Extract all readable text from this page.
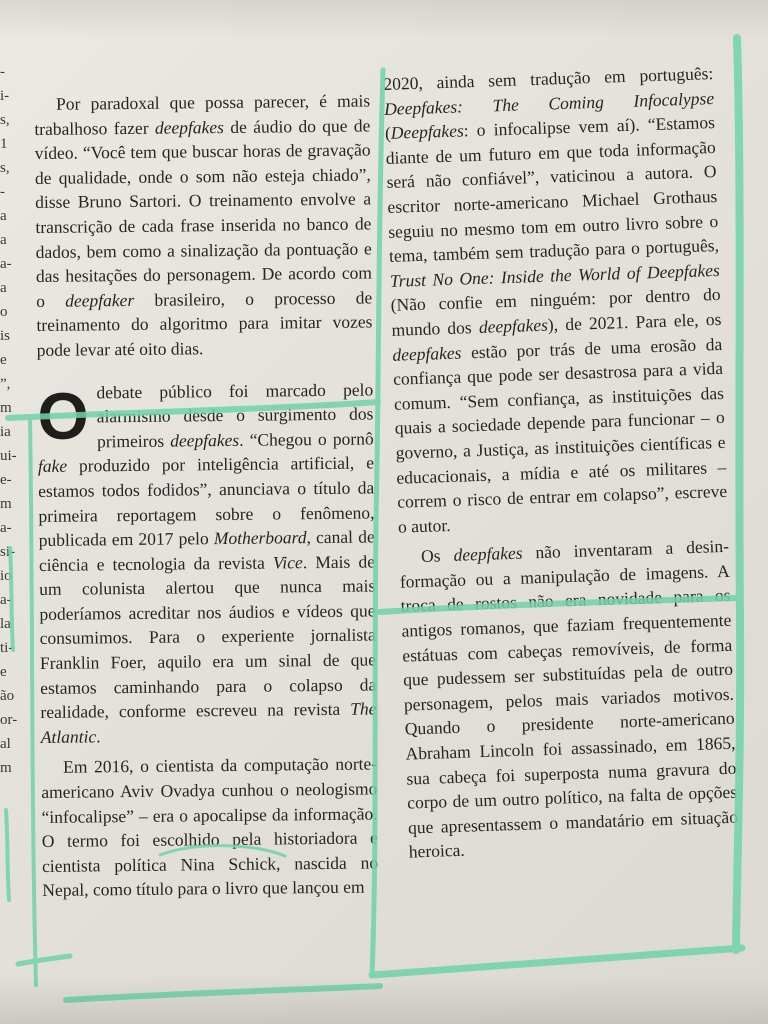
-
i-
s,
1
s,
-
a
a
a-
a
o
is
e
”,
m
ia
ui-
e-
m
a-
si-
io
a-
la
ti-
e
ão
or-
al
m

Por paradoxal que possa parecer, é mais trabalhoso fazer deepfakes de áudio do que de vídeo. “Você tem que buscar horas de gravação de qualidade, onde o som não esteja chiado”, disse Bruno Sartori. O treinamento envolve a transcrição de cada frase inserida no banco de dados, bem como a sinalização da pontuação e das hesitações do personagem. De acordo com o deepfaker brasileiro, o processo de treinamento do algoritmo para imitar vozes pode levar até oito dias.

O debate público foi marcado pelo alarmismo desde o surgimento dos primeiros deepfakes. “Chegou o pornô fake produzido por inteligência artificial, e estamos todos fodidos”, anunciava o título da primeira reportagem sobre o fenômeno, publicada em 2017 pelo Motherboard, canal de ciência e tecnologia da revista Vice. Mais de um colunista alertou que nunca mais poderíamos acreditar nos áudios e vídeos que consumimos. Para o experiente jornalista Franklin Foer, aquilo era um sinal de que estamos caminhando para o colapso da realidade, conforme escreveu na revista The Atlantic.

Em 2016, o cientista da computação norte-americano Aviv Ovadya cunhou o neologismo “infocalipse” – era o apocalipse da informação. O termo foi escolhido pela historiadora e cientista política Nina Schick, nascida no Nepal, como título para o livro que lançou em

2020, ainda sem tradução em português: Deepfakes: The Coming Infocalypse (Deepfakes: o infocalipse vem aí). “Estamos diante de um futuro em que toda informação será não confiável”, vaticinou a autora. O escritor norte-americano Michael Grothaus seguiu no mesmo tom em outro livro sobre o tema, também sem tradução para o português, Trust No One: Inside the World of Deepfakes (Não confie em ninguém: por dentro do mundo dos deepfakes), de 2021. Para ele, os deepfakes estão por trás de uma erosão da confiança que pode ser desastrosa para a vida comum. “Sem confiança, as instituições das quais a sociedade depende para funcionar – o governo, a Justiça, as instituições científicas e educacionais, a mídia e até os militares – correm o risco de entrar em colapso”, escreve o autor.

Os deepfakes não inventaram a desinformação ou a manipulação de imagens. A troca de rostos não era novidade para os antigos romanos, que faziam frequentemente estátuas com cabeças removíveis, de forma que pudessem ser substituídas pela de outro personagem, pelos mais variados motivos. Quando o presidente norte-americano Abraham Lincoln foi assassinado, em 1865, sua cabeça foi superposta numa gravura do corpo de um outro político, na falta de opções que apresentassem o mandatário em situação heroica.
